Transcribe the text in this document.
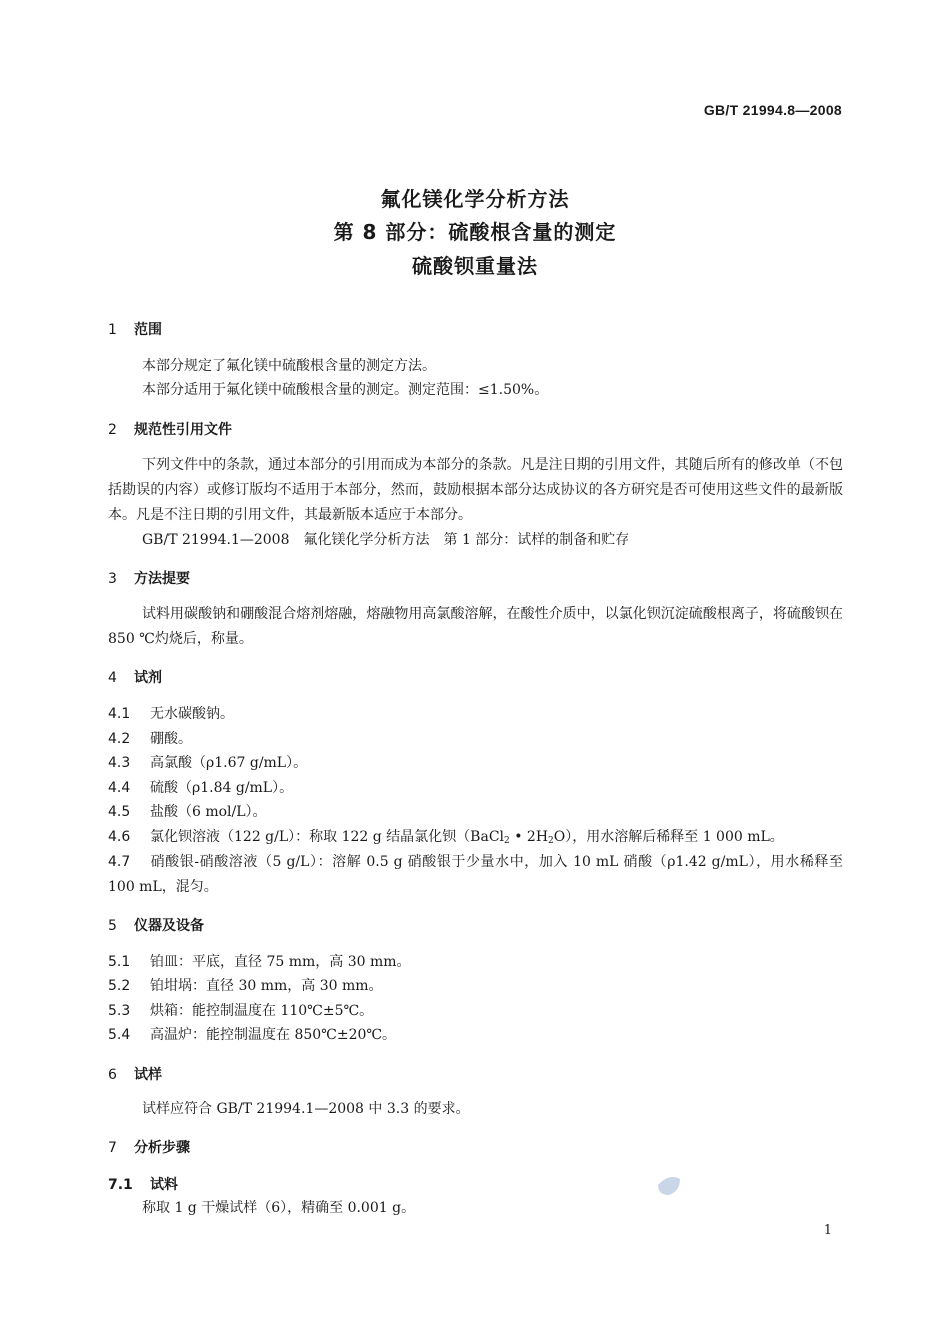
GB/T 21994.8—2008
氟化镁化学分析方法
第 8 部分：硫酸根含量的测定
硫酸钡重量法
1 范围
本部分规定了氟化镁中硫酸根含量的测定方法。
本部分适用于氟化镁中硫酸根含量的测定。测定范围：≤1.50%。
2 规范性引用文件
下列文件中的条款，通过本部分的引用而成为本部分的条款。凡是注日期的引用文件，其随后所有的修改单（不包括勘误的内容）或修订版均不适用于本部分，然而，鼓励根据本部分达成协议的各方研究是否可使用这些文件的最新版本。凡是不注日期的引用文件，其最新版本适应于本部分。
GB/T 21994.1—2008　氟化镁化学分析方法　第 1 部分：试样的制备和贮存
3 方法提要
试料用碳酸钠和硼酸混合熔剂熔融，熔融物用高氯酸溶解，在酸性介质中，以氯化钡沉淀硫酸根离子，将硫酸钡在 850 ℃灼烧后，称量。
4 试剂
4.1 无水碳酸钠。
4.2 硼酸。
4.3 高氯酸（ρ1.67 g/mL）。
4.4 硫酸（ρ1.84 g/mL）。
4.5 盐酸（6 mol/L）。
4.6 氯化钡溶液（122 g/L）：称取 122 g 结晶氯化钡（BaCl$_2$ • $2H_2O$），用水溶解后稀释至 1 000 mL。
4.7 硝酸银-硝酸溶液（5 g/L）：溶解 0.5 g 硝酸银于少量水中，加入 10 mL 硝酸（ρ1.42 g/mL），用水稀释至 100 mL，混匀。
5 仪器及设备
5.1 铂皿：平底，直径 75 mm，高 30 mm。
5.2 铂坩埚：直径 30 mm，高 30 mm。
5.3 烘箱：能控制温度在 110℃±5℃。
5.4 高温炉：能控制温度在 850℃±20℃。
6 试样
试样应符合 GB/T 21994.1—2008 中 3.3 的要求。
7 分析步骤
7.1 试料
称取 1 g 干燥试样（6），精确至 0.001 g。
1
